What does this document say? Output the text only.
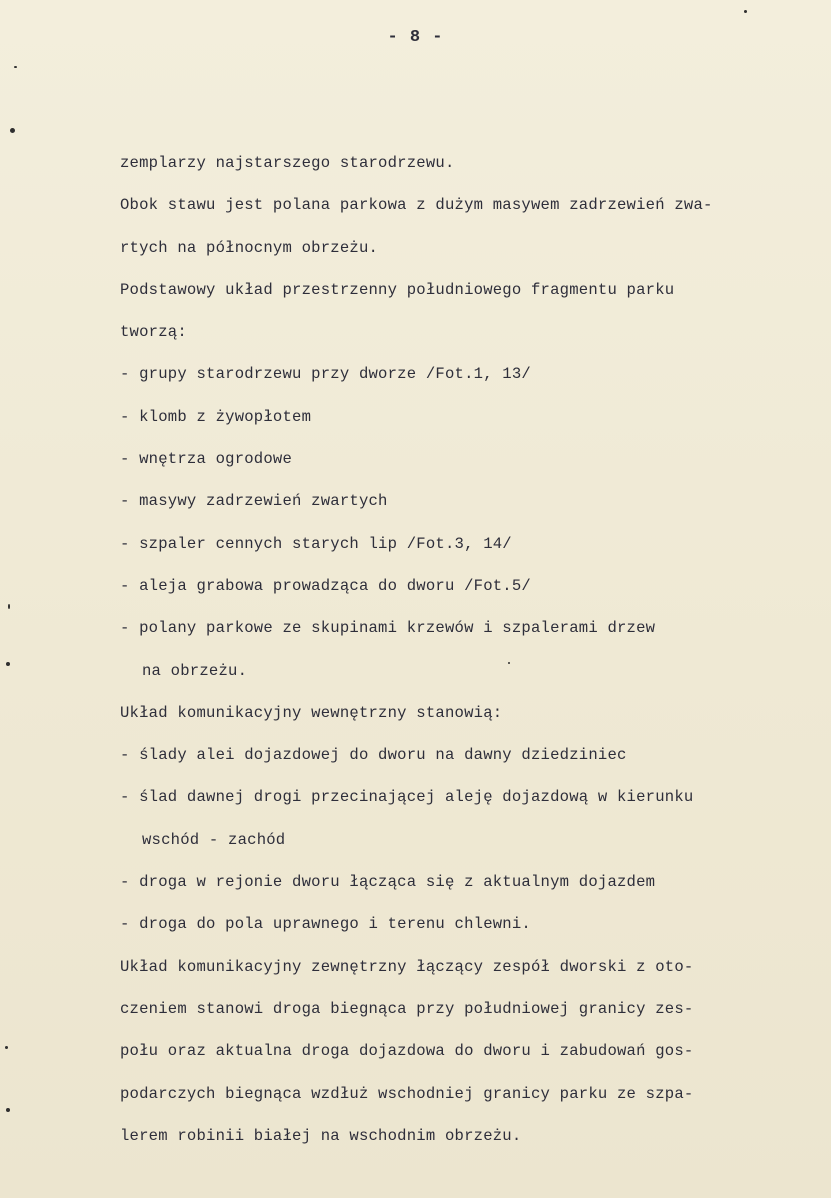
- 8 -
zemplarzy najstarszego starodrzewu.
Obok stawu jest polana parkowa z dużym masywem zadrzewień zwa-
rtych na północnym obrzeżu.
Podstawowy układ przestrzenny południowego fragmentu parku
tworzą:
- grupy starodrzewu przy dworze /Fot.1, 13/
- klomb z żywopłotem
- wnętrza ogrodowe
- masywy zadrzewień zwartych
- szpaler cennych starych lip /Fot.3, 14/
- aleja grabowa prowadząca do dworu /Fot.5/
- polany parkowe ze skupinami krzewów i szpalerami drzew
na obrzeżu.
Układ komunikacyjny wewnętrzny stanowią:
- ślady alei dojazdowej do dworu na dawny dziedziniec
- ślad dawnej drogi przecinającej aleję dojazdową w kierunku
wschód - zachód
- droga w rejonie dworu łącząca się z aktualnym dojazdem
- droga do pola uprawnego i terenu chlewni.
Układ komunikacyjny zewnętrzny łączący zespół dworski z oto-
czeniem stanowi droga biegnąca przy południowej granicy zes-
połu oraz aktualna droga dojazdowa do dworu i zabudowań gos-
podarczych biegnąca wzdłuż wschodniej granicy parku ze szpa-
lerem robinii białej na wschodnim obrzeżu.
